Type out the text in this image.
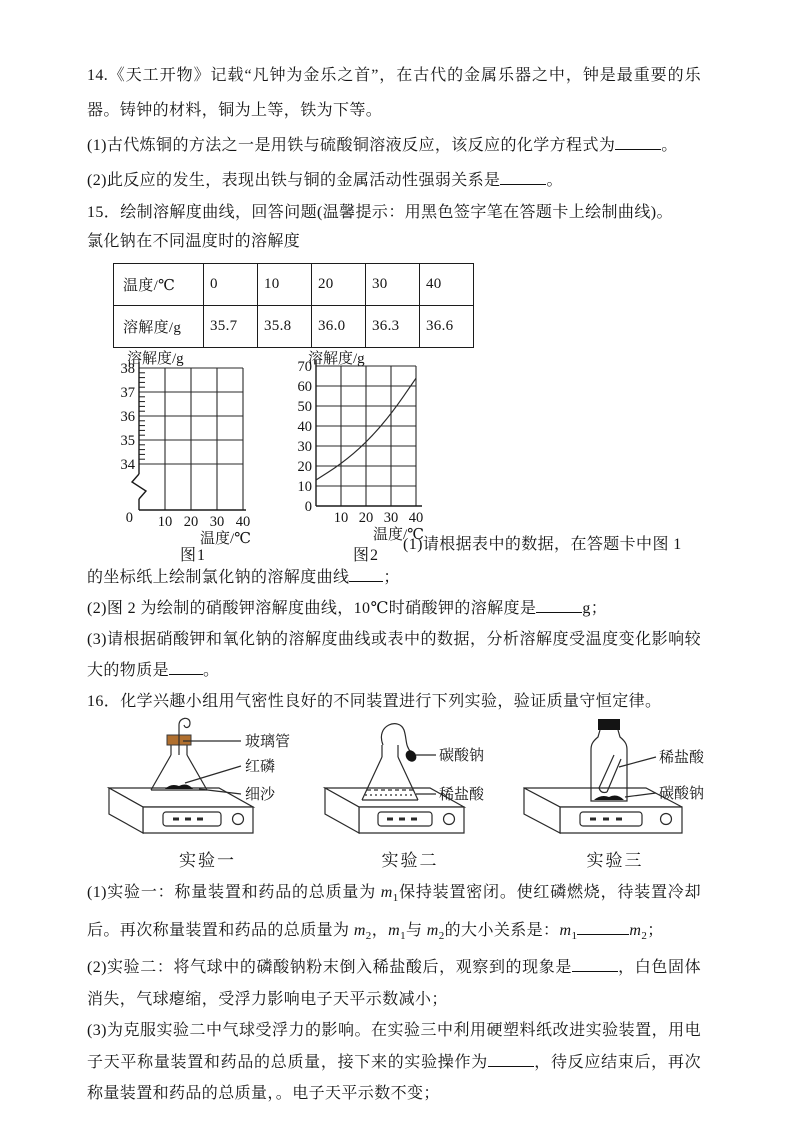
14.《天工开物》记载“凡钟为金乐之首”，在古代的金属乐器之中，钟是最重要的乐器。铸钟的材料，铜为上等，铁为下等。

(1)古代炼铜的方法之一是用铁与硫酸铜溶液反应，该反应的化学方程式为	。

(2)此反应的发生，表现出铁与铜的金属活动性强弱关系是	。

15．绘制溶解度曲线，回答问题(温馨提示：用黑色签字笔在答题卡上绘制曲线)。

氯化钠在不同温度时的溶解度

温度/℃	0	10	20	30	40
溶解度/g	35.7	35.8	36.0	36.3	36.6
溶解度/g
38
37
36
35
34
0 10 20 30 40
温度/℃
图1

溶解度/g
70
60
50
40
30
20
10
0
10 20 30 40
温度/℃
图2

(1)请根据表中的数据，在答题卡中图 1

的坐标纸上绘制氯化钠的溶解度曲线 ；

(2)图 2 为绘制的硝酸钾溶解度曲线，10℃时硝酸钾的溶解度是	g；

(3)请根据硝酸钾和氧化钠的溶解度曲线或表中的数据，分析溶解度受温度变化影响较大的物质是 。

16．化学兴趣小组用气密性良好的不同装置进行下列实验，验证质量守恒定律。

玻璃管
红磷
细沙
实验一
碳酸钠
稀盐酸
实验二
稀盐酸
碳酸钠
实验三

(1)实验一：称量装置和药品的总质量为 $m_1$保持装置密闭。使红磷燃烧，待装置冷却后。再次称量装置和药品的总质量为 $m_2$，$m_1$与 $m_2$的大小关系是：$m_1$	$m_2$；

(2)实验二：将气球中的磷酸钠粉末倒入稀盐酸后，观察到的现象是	，白色固体消失，气球瘪缩，受浮力影响电子天平示数减小；

(3)为克服实验二中气球受浮力的影响。在实验三中利用硬塑料纸改进实验装置，用电子天平称量装置和药品的总质量，接下来的实验操作为	，待反应结束后，再次称量装置和药品的总质量，。电子天平示数不变；
